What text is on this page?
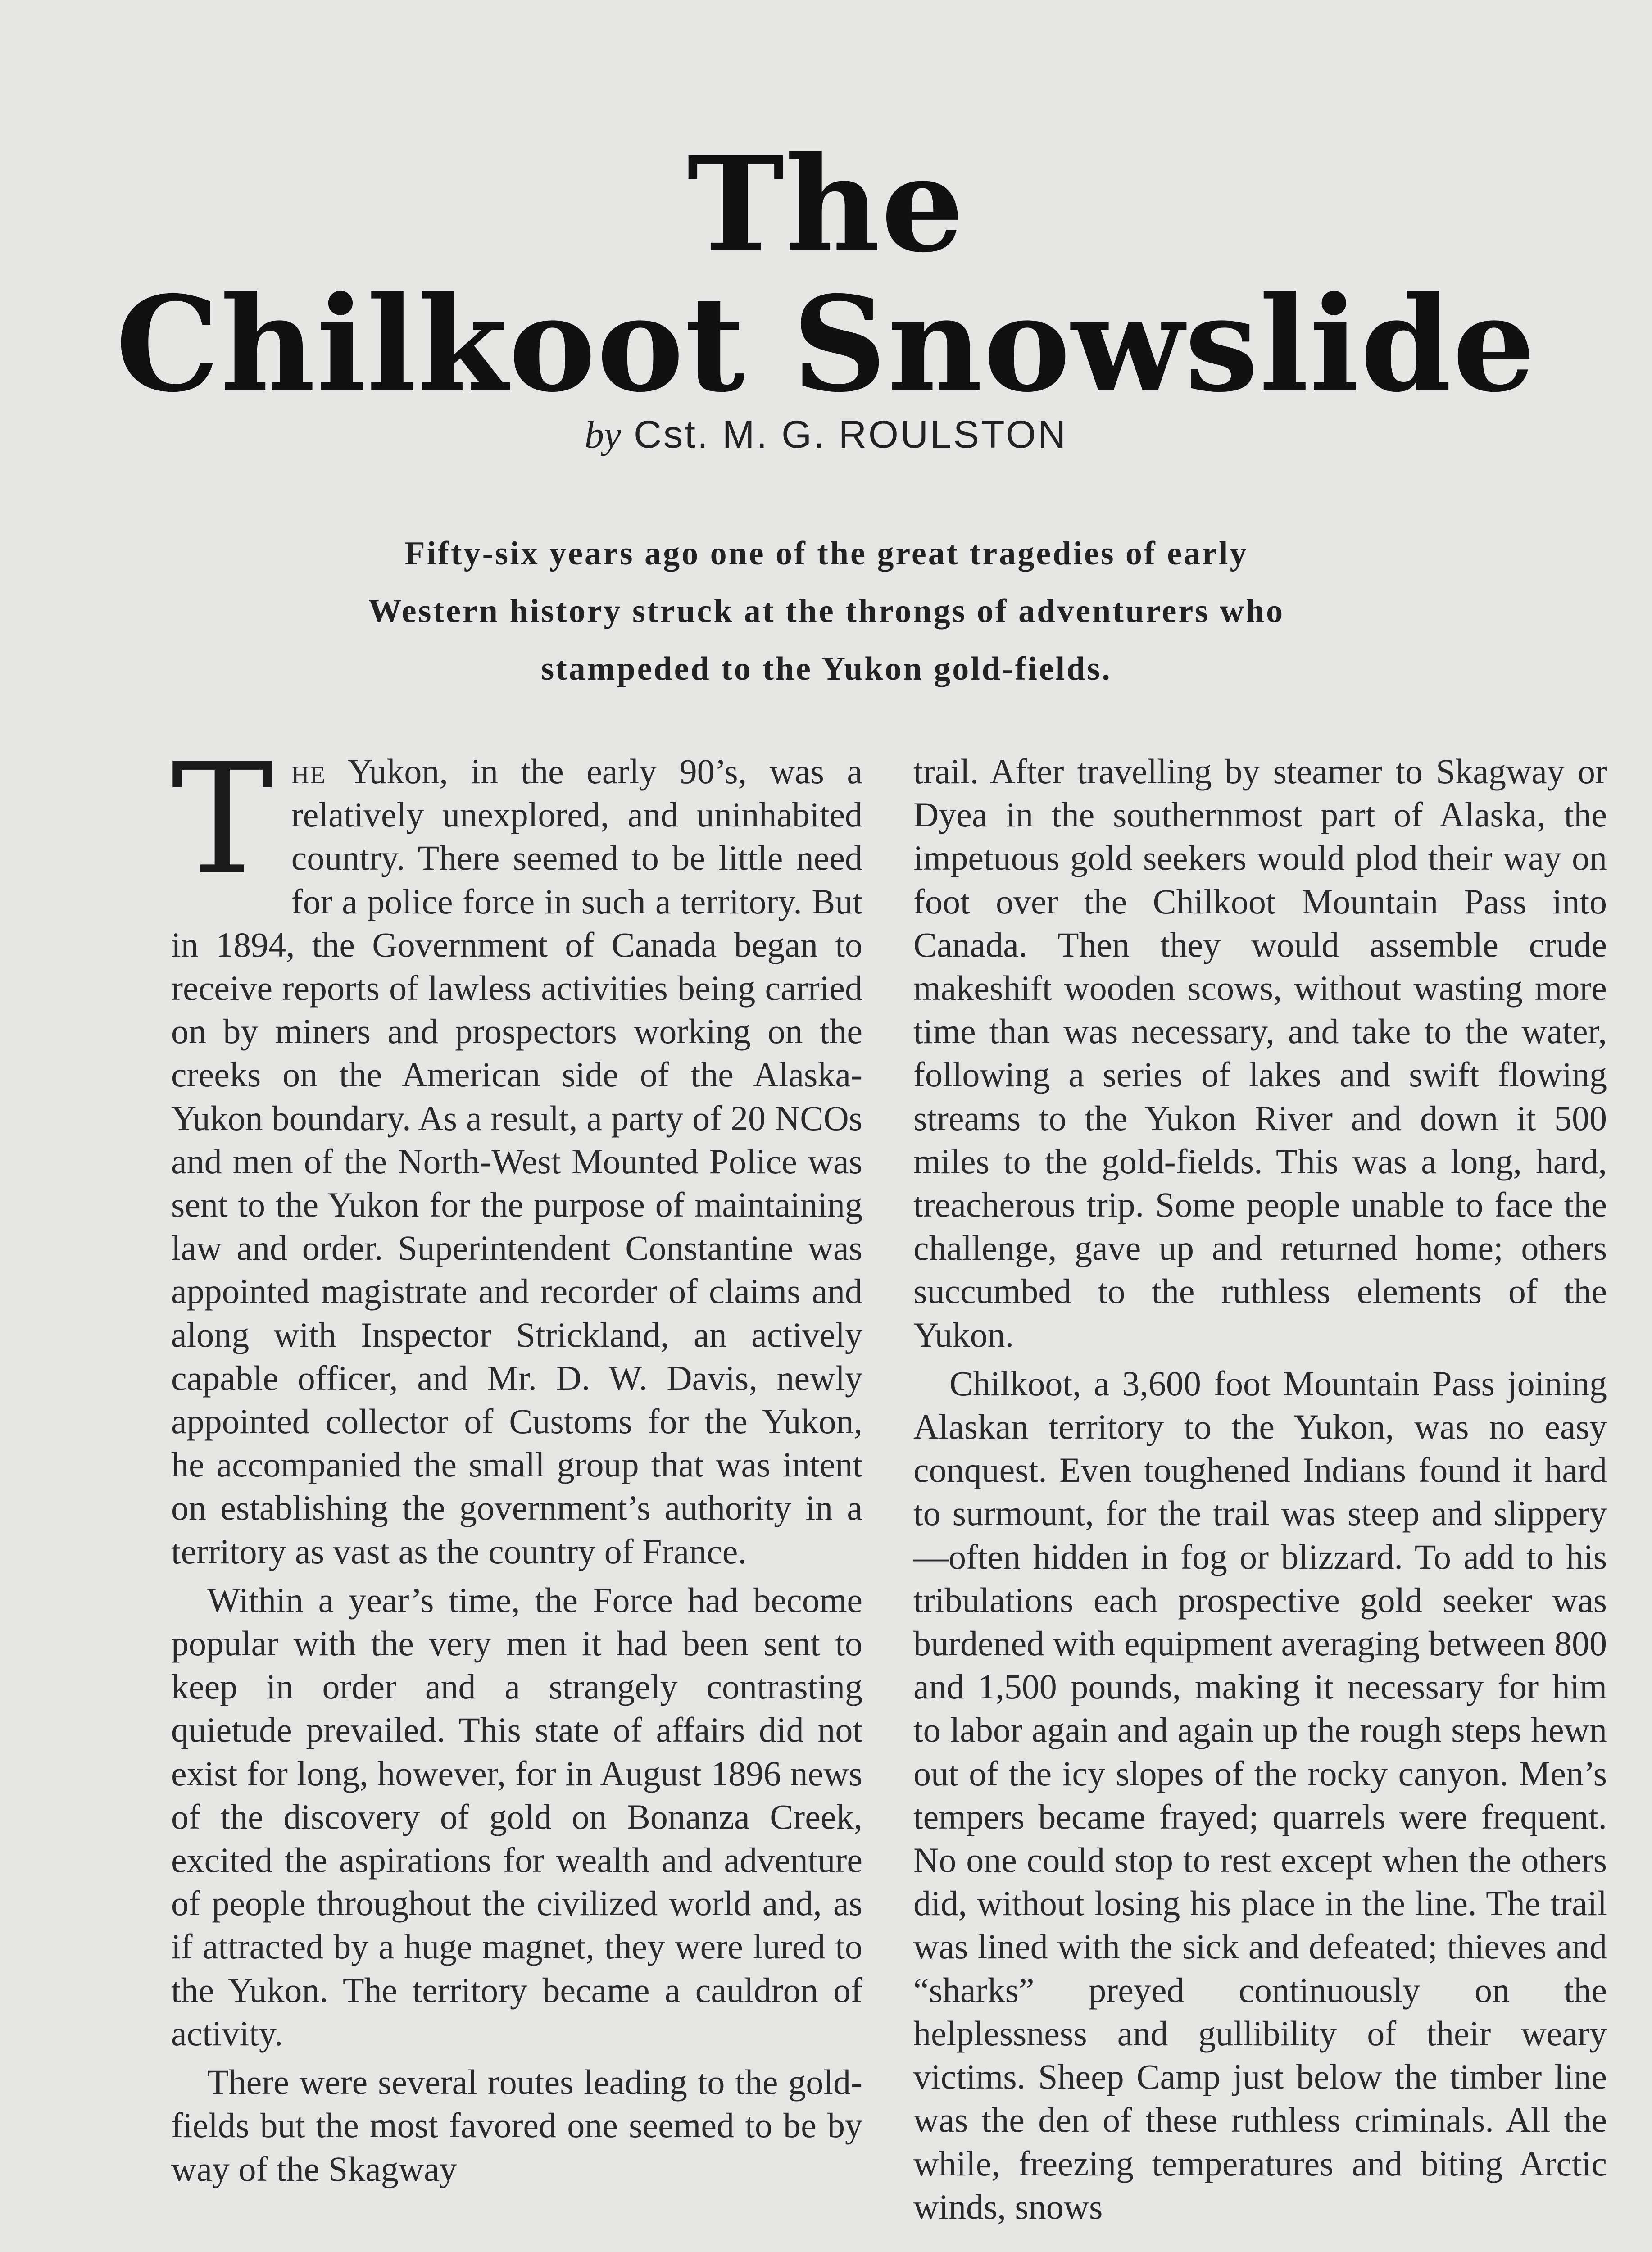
The
Chilkoot Snowslide
by Cst. M. G. ROULSTON
Fifty-six years ago one of the great tragedies of early Western history struck at the throngs of adventurers who stampeded to the Yukon gold-fields.

The Yukon, in the early 90’s, was a relatively unexplored, and uninhabited country. There seemed to be little need for a police force in such a territory. But in 1894, the Government of Canada began to receive reports of lawless activities being carried on by miners and prospectors working on the creeks on the American side of the Alaska-Yukon boundary. As a result, a party of 20 NCOs and men of the North-West Mounted Police was sent to the Yukon for the purpose of maintaining law and order. Superintendent Constantine was appointed magistrate and recorder of claims and along with Inspector Strickland, an actively capable officer, and Mr. D. W. Davis, newly appointed collector of Customs for the Yukon, he accompanied the small group that was intent on establishing the government’s authority in a territory as vast as the country of France.

Within a year’s time, the Force had become popular with the very men it had been sent to keep in order and a strangely contrasting quietude prevailed. This state of affairs did not exist for long, however, for in August 1896 news of the discovery of gold on Bonanza Creek, excited the aspirations for wealth and adventure of people throughout the civilized world and, as if attracted by a huge magnet, they were lured to the Yukon. The territory became a cauldron of activity.

There were several routes leading to the gold-fields but the most favored one seemed to be by way of the Skagway

trail. After travelling by steamer to Skagway or Dyea in the southernmost part of Alaska, the impetuous gold seekers would plod their way on foot over the Chilkoot Mountain Pass into Canada. Then they would assemble crude makeshift wooden scows, without wasting more time than was necessary, and take to the water, following a series of lakes and swift flowing streams to the Yukon River and down it 500 miles to the gold-fields. This was a long, hard, treacherous trip. Some people unable to face the challenge, gave up and returned home; others succumbed to the ruthless elements of the Yukon.

Chilkoot, a 3,600 foot Mountain Pass joining Alaskan territory to the Yukon, was no easy conquest. Even toughened Indians found it hard to surmount, for the trail was steep and slippery—often hidden in fog or blizzard. To add to his tribulations each prospective gold seeker was burdened with equipment averaging between 800 and 1,500 pounds, making it necessary for him to labor again and again up the rough steps hewn out of the icy slopes of the rocky canyon. Men’s tempers became frayed; quarrels were frequent. No one could stop to rest except when the others did, without losing his place in the line. The trail was lined with the sick and defeated; thieves and “sharks” preyed continuously on the helplessness and gullibility of their weary victims. Sheep Camp just below the timber line was the den of these ruthless criminals. All the while, freezing temperatures and biting Arctic winds, snows
